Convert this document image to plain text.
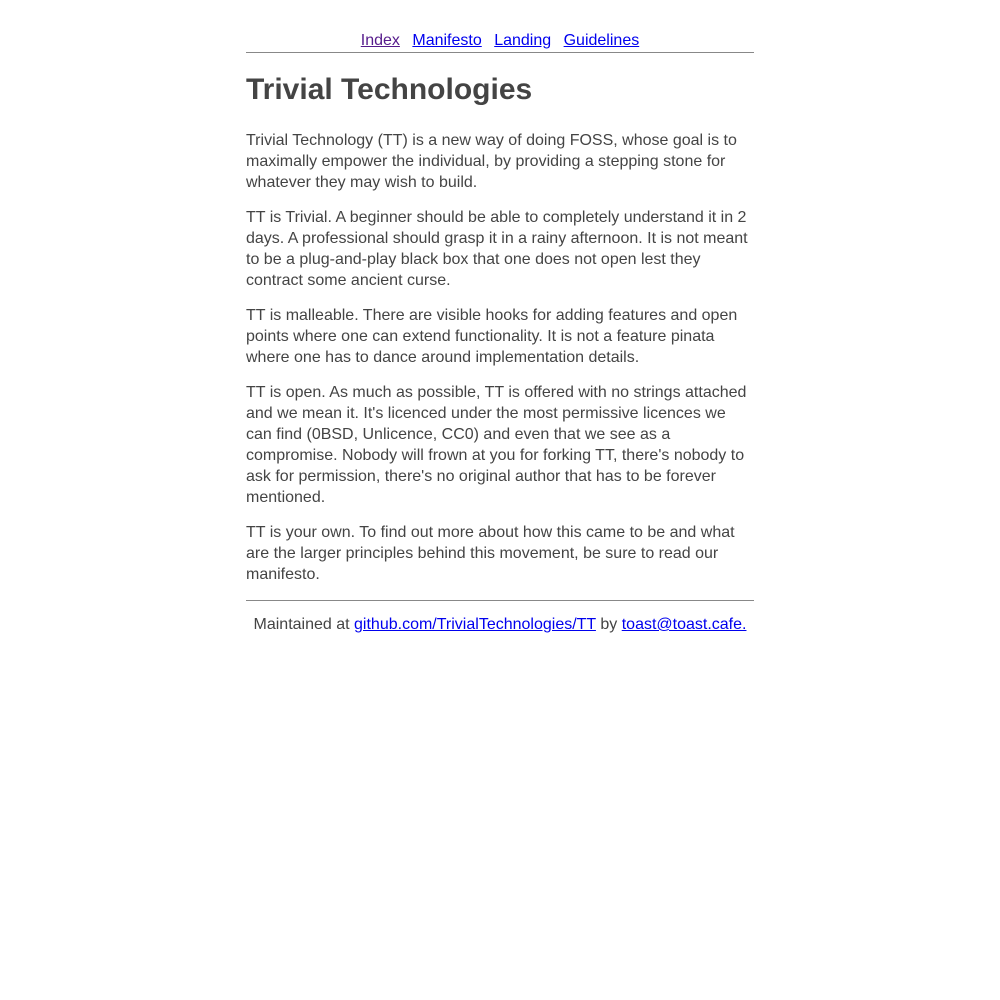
Index Manifesto Landing Guidelines
Trivial Technologies

Trivial Technology (TT) is a new way of doing FOSS, whose goal is to maximally empower the individual, by providing a stepping stone for whatever they may wish to build.

TT is Trivial. A beginner should be able to completely understand it in 2 days. A professional should grasp it in a rainy afternoon. It is not meant to be a plug-and-play black box that one does not open lest they contract some ancient curse.

TT is malleable. There are visible hooks for adding features and open points where one can extend functionality. It is not a feature pinata where one has to dance around implementation details.

TT is open. As much as possible, TT is offered with no strings attached and we mean it. It's licenced under the most permissive licences we can find (0BSD, Unlicence, CC0) and even that we see as a compromise. Nobody will frown at you for forking TT, there's nobody to ask for permission, there's no original author that has to be forever mentioned.

TT is your own. To find out more about how this came to be and what are the larger principles behind this movement, be sure to read our manifesto.

Maintained at github.com/TrivialTechnologies/TT by toast@toast.cafe.
